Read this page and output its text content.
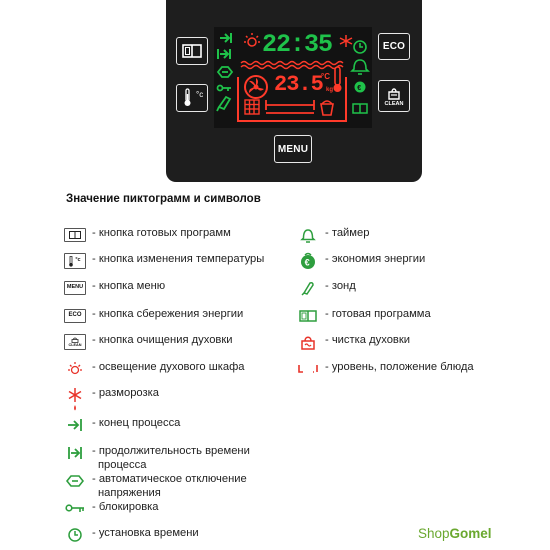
°c
ECO
CLEAN
MENU
22:35
€
23.5
°C
kg
Значение пиктограмм и символов
- кнопка готовых программ
°c - кнопка изменения температуры
MENU - кнопка меню
ECO - кнопка сбережения энергии
CLEAN - кнопка очищения духовки
- освещение духового шкафа
- разморозка
- конец процесса
- продолжительность времени
процесса
- автоматическое отключение
напряжения
- блокировка
- установка времени
- таймер
€ - экономия энергии
- зонд
- готовая программа
- чистка духовки
- уровень, положение блюда
ShopGomel
